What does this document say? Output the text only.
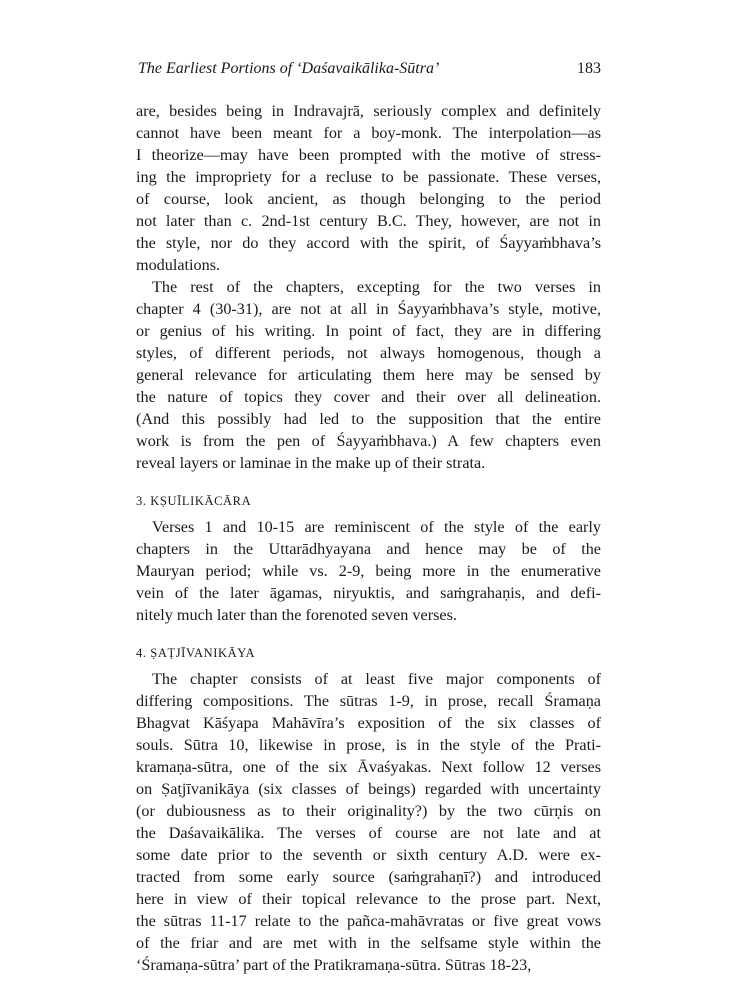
The Earliest Portions of ‘Daśavaikālika-Sūtra’	183
are, besides being in Indravajrā, seriously complex and definitely
cannot have been meant for a boy-monk. The interpolation—as
I theorize—may have been prompted with the motive of stress-
ing the impropriety for a recluse to be passionate. These verses,
of course, look ancient, as though belonging to the period
not later than c. 2nd-1st century B.C. They, however, are not in
the style, nor do they accord with the spirit, of Śayyaṁbhava’s
modulations.
The rest of the chapters, excepting for the two verses in
chapter 4 (30-31), are not at all in Śayyaṁbhava’s style, motive,
or genius of his writing. In point of fact, they are in differing
styles, of different periods, not always homogenous, though a
general relevance for articulating them here may be sensed by
the nature of topics they cover and their over all delineation.
(And this possibly had led to the supposition that the entire
work is from the pen of Śayyaṁbhava.) A few chapters even
reveal layers or laminae in the make up of their strata.
3. KṢUĪLIKĀCĀRA
Verses 1 and 10-15 are reminiscent of the style of the early
chapters in the Uttarādhyayana and hence may be of the
Mauryan period; while vs. 2-9, being more in the enumerative
vein of the later āgamas, niryuktis, and saṁgrahaṇis, and defi-
nitely much later than the forenoted seven verses.
4. ṢAṬJĪVANIKĀYA
The chapter consists of at least five major components of
differing compositions. The sūtras 1-9, in prose, recall Śramaṇa
Bhagvat Kāśyapa Mahāvīra’s exposition of the six classes of
souls. Sūtra 10, likewise in prose, is in the style of the Prati-
kramaṇa-sūtra, one of the six Āvaśyakas. Next follow 12 verses
on Ṣaṭjīvanikāya (six classes of beings) regarded with uncertainty
(or dubiousness as to their originality?) by the two cūrṇis on
the Daśavaikālika. The verses of course are not late and at
some date prior to the seventh or sixth century A.D. were ex-
tracted from some early source (saṁgrahaṇī?) and introduced
here in view of their topical relevance to the prose part. Next,
the sūtras 11-17 relate to the pañca-mahāvratas or five great vows
of the friar and are met with in the selfsame style within the
‘Śramaṇa-sūtra’ part of the Pratikramaṇa-sūtra. Sūtras 18-23,
